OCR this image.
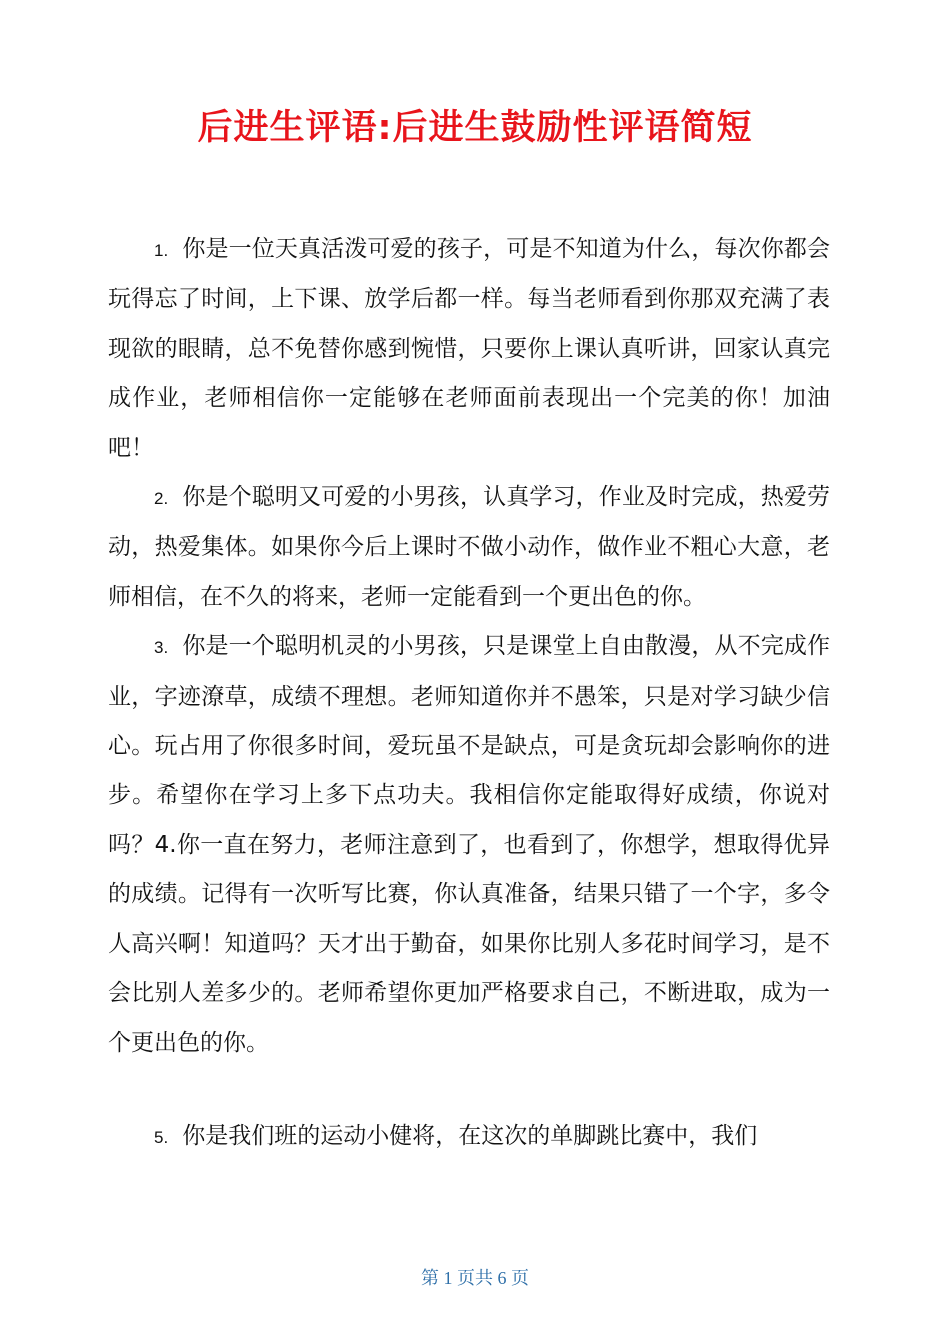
后进生评语:后进生鼓励性评语简短

1. 你是一位天真活泼可爱的孩子，可是不知道为什么，每次你都会玩得忘了时间，上下课、放学后都一样。每当老师看到你那双充满了表现欲的眼睛，总不免替你感到惋惜，只要你上课认真听讲，回家认真完成作业，老师相信你一定能够在老师面前表现出一个完美的你！加油吧！

2. 你是个聪明又可爱的小男孩，认真学习，作业及时完成，热爱劳动，热爱集体。如果你今后上课时不做小动作，做作业不粗心大意，老师相信，在不久的将来，老师一定能看到一个更出色的你。

3. 你是一个聪明机灵的小男孩，只是课堂上自由散漫，从不完成作业，字迹潦草，成绩不理想。老师知道你并不愚笨，只是对学习缺少信心。玩占用了你很多时间，爱玩虽不是缺点，可是贪玩却会影响你的进步。希望你在学习上多下点功夫。我相信你定能取得好成绩，你说对吗？4.你一直在努力，老师注意到了，也看到了，你想学，想取得优异的成绩。记得有一次听写比赛，你认真准备，结果只错了一个字，多令人高兴啊！知道吗？天才出于勤奋，如果你比别人多花时间学习，是不会比别人差多少的。老师希望你更加严格要求自己，不断进取，成为一个更出色的你。

5. 你是我们班的运动小健将，在这次的单脚跳比赛中，我们

第 1 页共 6 页
